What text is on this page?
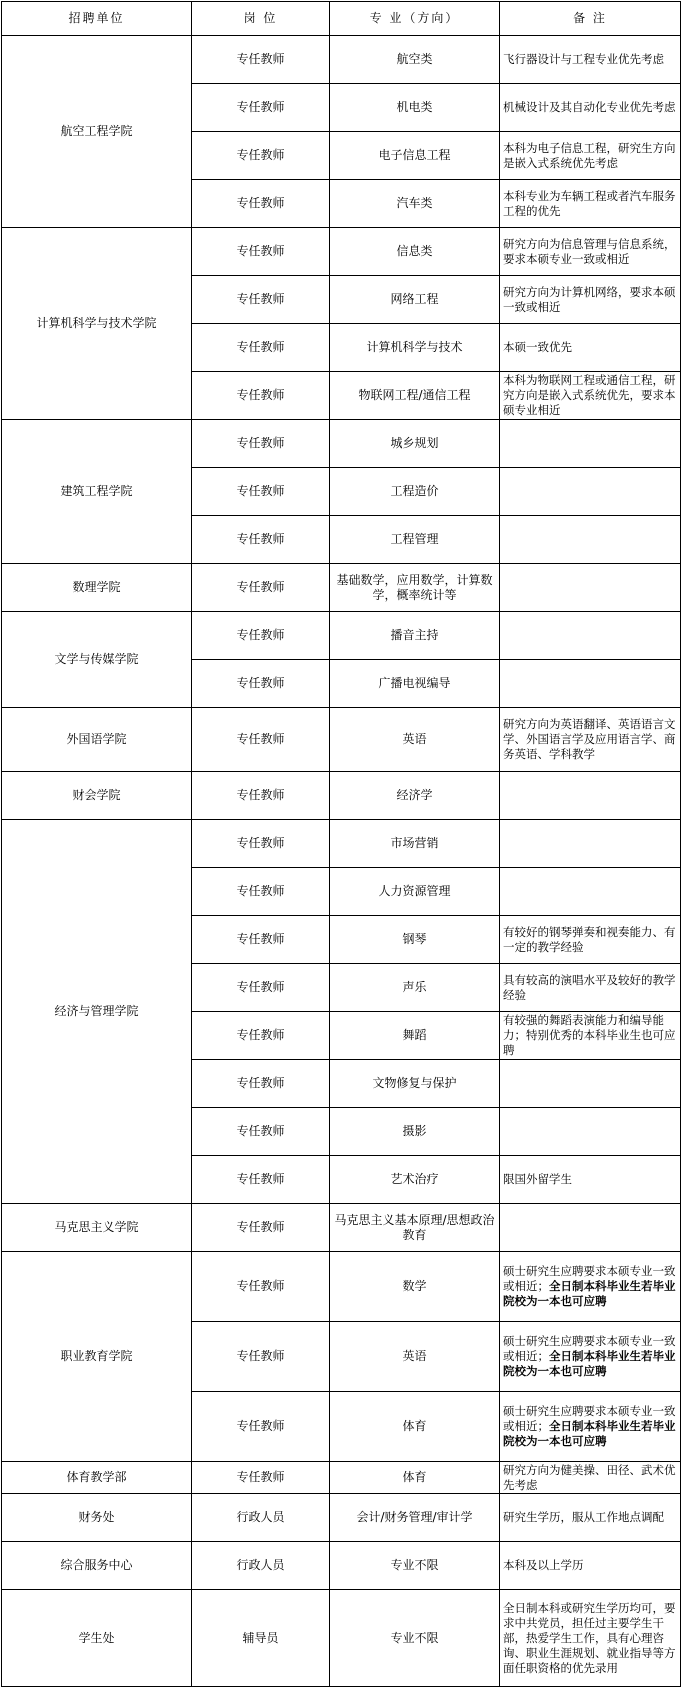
招聘单位	岗 位	专 业（方向）	备 注
航空工程学院	专任教师	航空类	飞行器设计与工程专业优先考虑
	专任教师	机电类	机械设计及其自动化专业优先考虑
	专任教师	电子信息工程	本科为电子信息工程，研究生方向是嵌入式系统优先考虑
	专任教师	汽车类	本科专业为车辆工程或者汽车服务工程的优先
计算机科学与技术学院	专任教师	信息类	研究方向为信息管理与信息系统，要求本硕专业一致或相近
	专任教师	网络工程	研究方向为计算机网络，要求本硕一致或相近
	专任教师	计算机科学与技术	本硕一致优先
	专任教师	物联网工程/通信工程	本科为物联网工程或通信工程，研究方向是嵌入式系统优先，要求本硕专业相近
建筑工程学院	专任教师	城乡规划	
	专任教师	工程造价	
	专任教师	工程管理	
数理学院	专任教师	基础数学，应用数学，计算数学，概率统计等	
文学与传媒学院	专任教师	播音主持	
	专任教师	广播电视编导	
外国语学院	专任教师	英语	研究方向为英语翻译、英语语言文学、外国语言学及应用语言学、商务英语、学科教学
财会学院	专任教师	经济学	
经济与管理学院	专任教师	市场营销	
	专任教师	人力资源管理	
	专任教师	钢琴	有较好的钢琴弹奏和视奏能力、有一定的教学经验
	专任教师	声乐	具有较高的演唱水平及较好的教学经验
	专任教师	舞蹈	有较强的舞蹈表演能力和编导能力；特别优秀的本科毕业生也可应聘
	专任教师	文物修复与保护	
	专任教师	摄影	
	专任教师	艺术治疗	限国外留学生
马克思主义学院	专任教师	马克思主义基本原理/思想政治教育	
职业教育学院	专任教师	数学	硕士研究生应聘要求本硕专业一致或相近；全日制本科毕业生若毕业院校为一本也可应聘
	专任教师	英语	硕士研究生应聘要求本硕专业一致或相近；全日制本科毕业生若毕业院校为一本也可应聘
	专任教师	体育	硕士研究生应聘要求本硕专业一致或相近；全日制本科毕业生若毕业院校为一本也可应聘
体育教学部	专任教师	体育	研究方向为健美操、田径、武术优先考虑
财务处	行政人员	会计/财务管理/审计学	研究生学历，服从工作地点调配
综合服务中心	行政人员	专业不限	本科及以上学历
学生处	辅导员	专业不限	全日制本科或研究生学历均可，要求中共党员，担任过主要学生干部，热爱学生工作，具有心理咨询、职业生涯规划、就业指导等方面任职资格的优先录用
